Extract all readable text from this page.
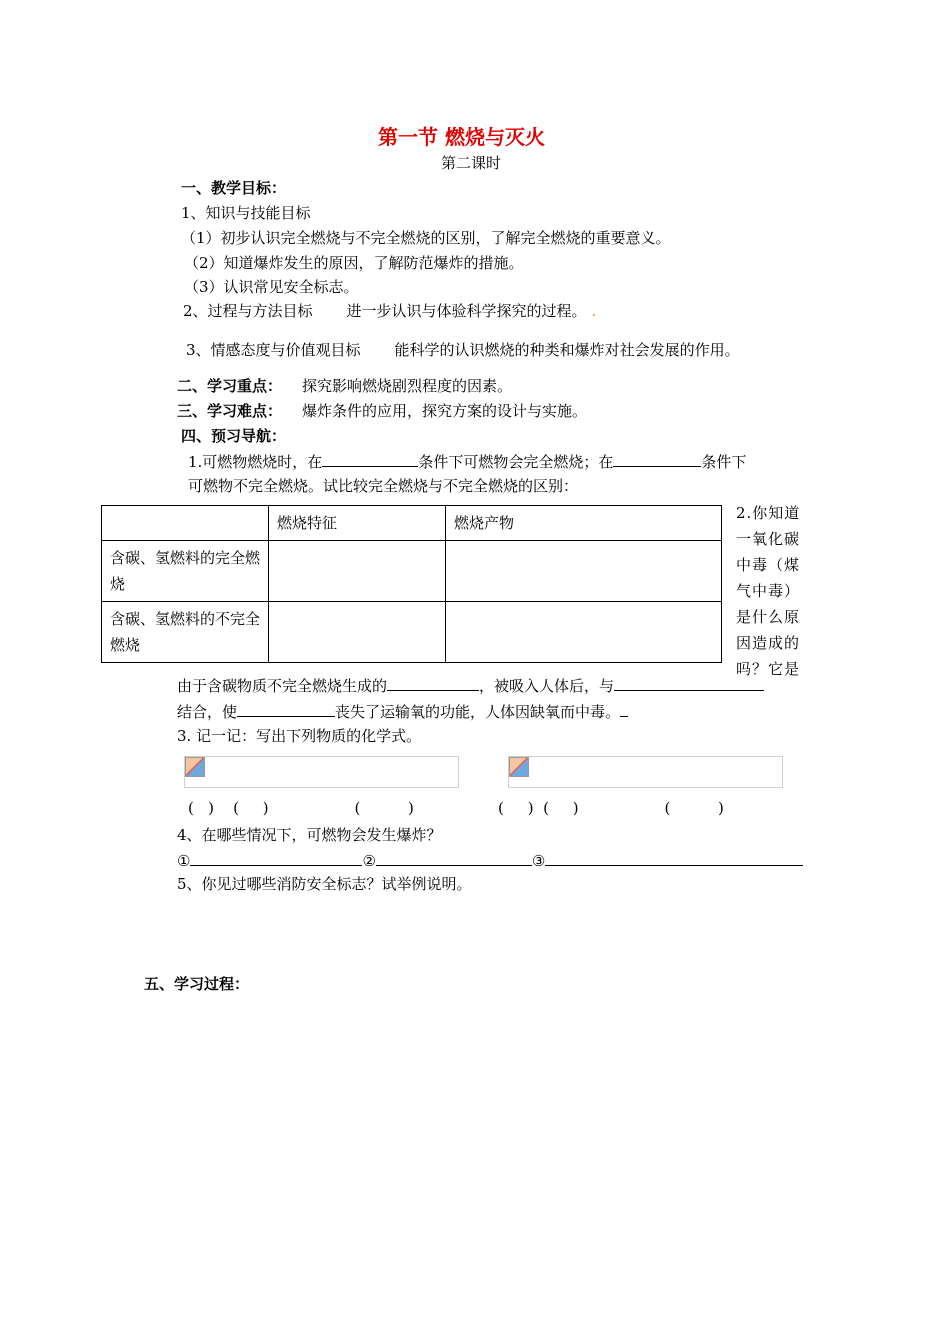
第一节 燃烧与灭火
第二课时
一、教学目标：
1、知识与技能目标
（1）初步认识完全燃烧与不完全燃烧的区别，了解完全燃烧的重要意义。
（2）知道爆炸发生的原因，了解防范爆炸的措施。
（3）认识常见安全标志。
2、过程与方法目标 进一步认识与体验科学探究的过程。 .
3、情感态度与价值观目标 能科学的认识燃烧的种类和爆炸对社会发展的作用。
二、学习重点： 探究影响燃烧剧烈程度的因素。
三、学习难点： 爆炸条件的应用，探究方案的设计与实施。
四、预习导航：
1.可燃物燃烧时，在	条件下可燃物会完全燃烧；在	条件下
可燃物不完全燃烧。试比较完全燃烧与不完全燃烧的区别：
	燃烧特征	燃烧产物
含碳、氢燃料的完全燃烧		
含碳、氢燃料的不完全燃烧		
2.你知道一氧化碳中毒（煤气中毒）是什么原因造成的吗？它是
由于含碳物质不完全燃烧生成的	，被吸入人体后，与
结合，使	丧失了运输氧的功能，人体因缺氧而中毒。
3. 记一记：写出下列物质的化学式。
(   )    (     )                  (          )	(     )  (     )                  (          )
4、在哪些情况下，可燃物会发生爆炸？
①	②	③
5、你见过哪些消防安全标志？试举例说明。
五、学习过程：
